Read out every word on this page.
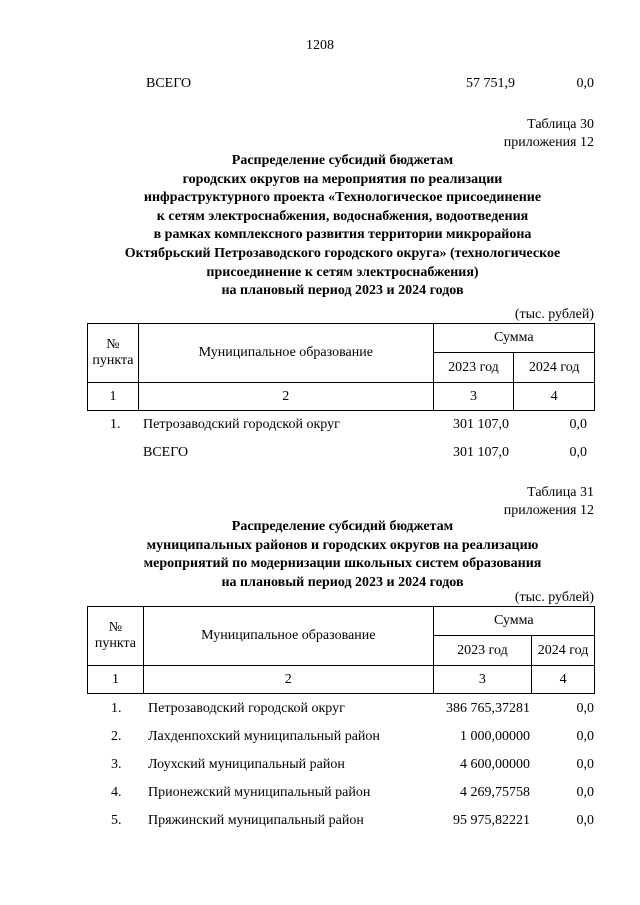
1208
ВСЕГО	57 751,9	0,0
Таблица 30
приложения 12
Распределение субсидий бюджетам
городских округов на мероприятия по реализации
инфраструктурного проекта «Технологическое присоединение
к сетям электроснабжения, водоснабжения, водоотведения
в рамках комплексного развития территории микрорайона
Октябрьский Петрозаводского городского округа» (технологическое
присоединение к сетям электроснабжения)
на плановый период 2023 и 2024 годов
(тыс. рублей)
№ пункта	Муниципальное образование	Сумма	
		2023 год	2024 год
1	2	3	4
1. Петрозаводский городской округ	301 107,0	0,0
ВСЕГО	301 107,0	0,0
Таблица 31
приложения 12
Распределение субсидий бюджетам
муниципальных районов и городских округов на реализацию
мероприятий по модернизации школьных систем образования
на плановый период 2023 и 2024 годов
(тыс. рублей)
№ пункта	Муниципальное образование	Сумма	
		2023 год	2024 год
1	2	3	4
1. Петрозаводский городской округ	386 765,37281	0,0
2. Лахденпохский муниципальный район	1 000,00000	0,0
3. Лоухский муниципальный район	4 600,00000	0,0
4. Прионежский муниципальный район	4 269,75758	0,0
5. Пряжинский муниципальный район	95 975,82221	0,0
